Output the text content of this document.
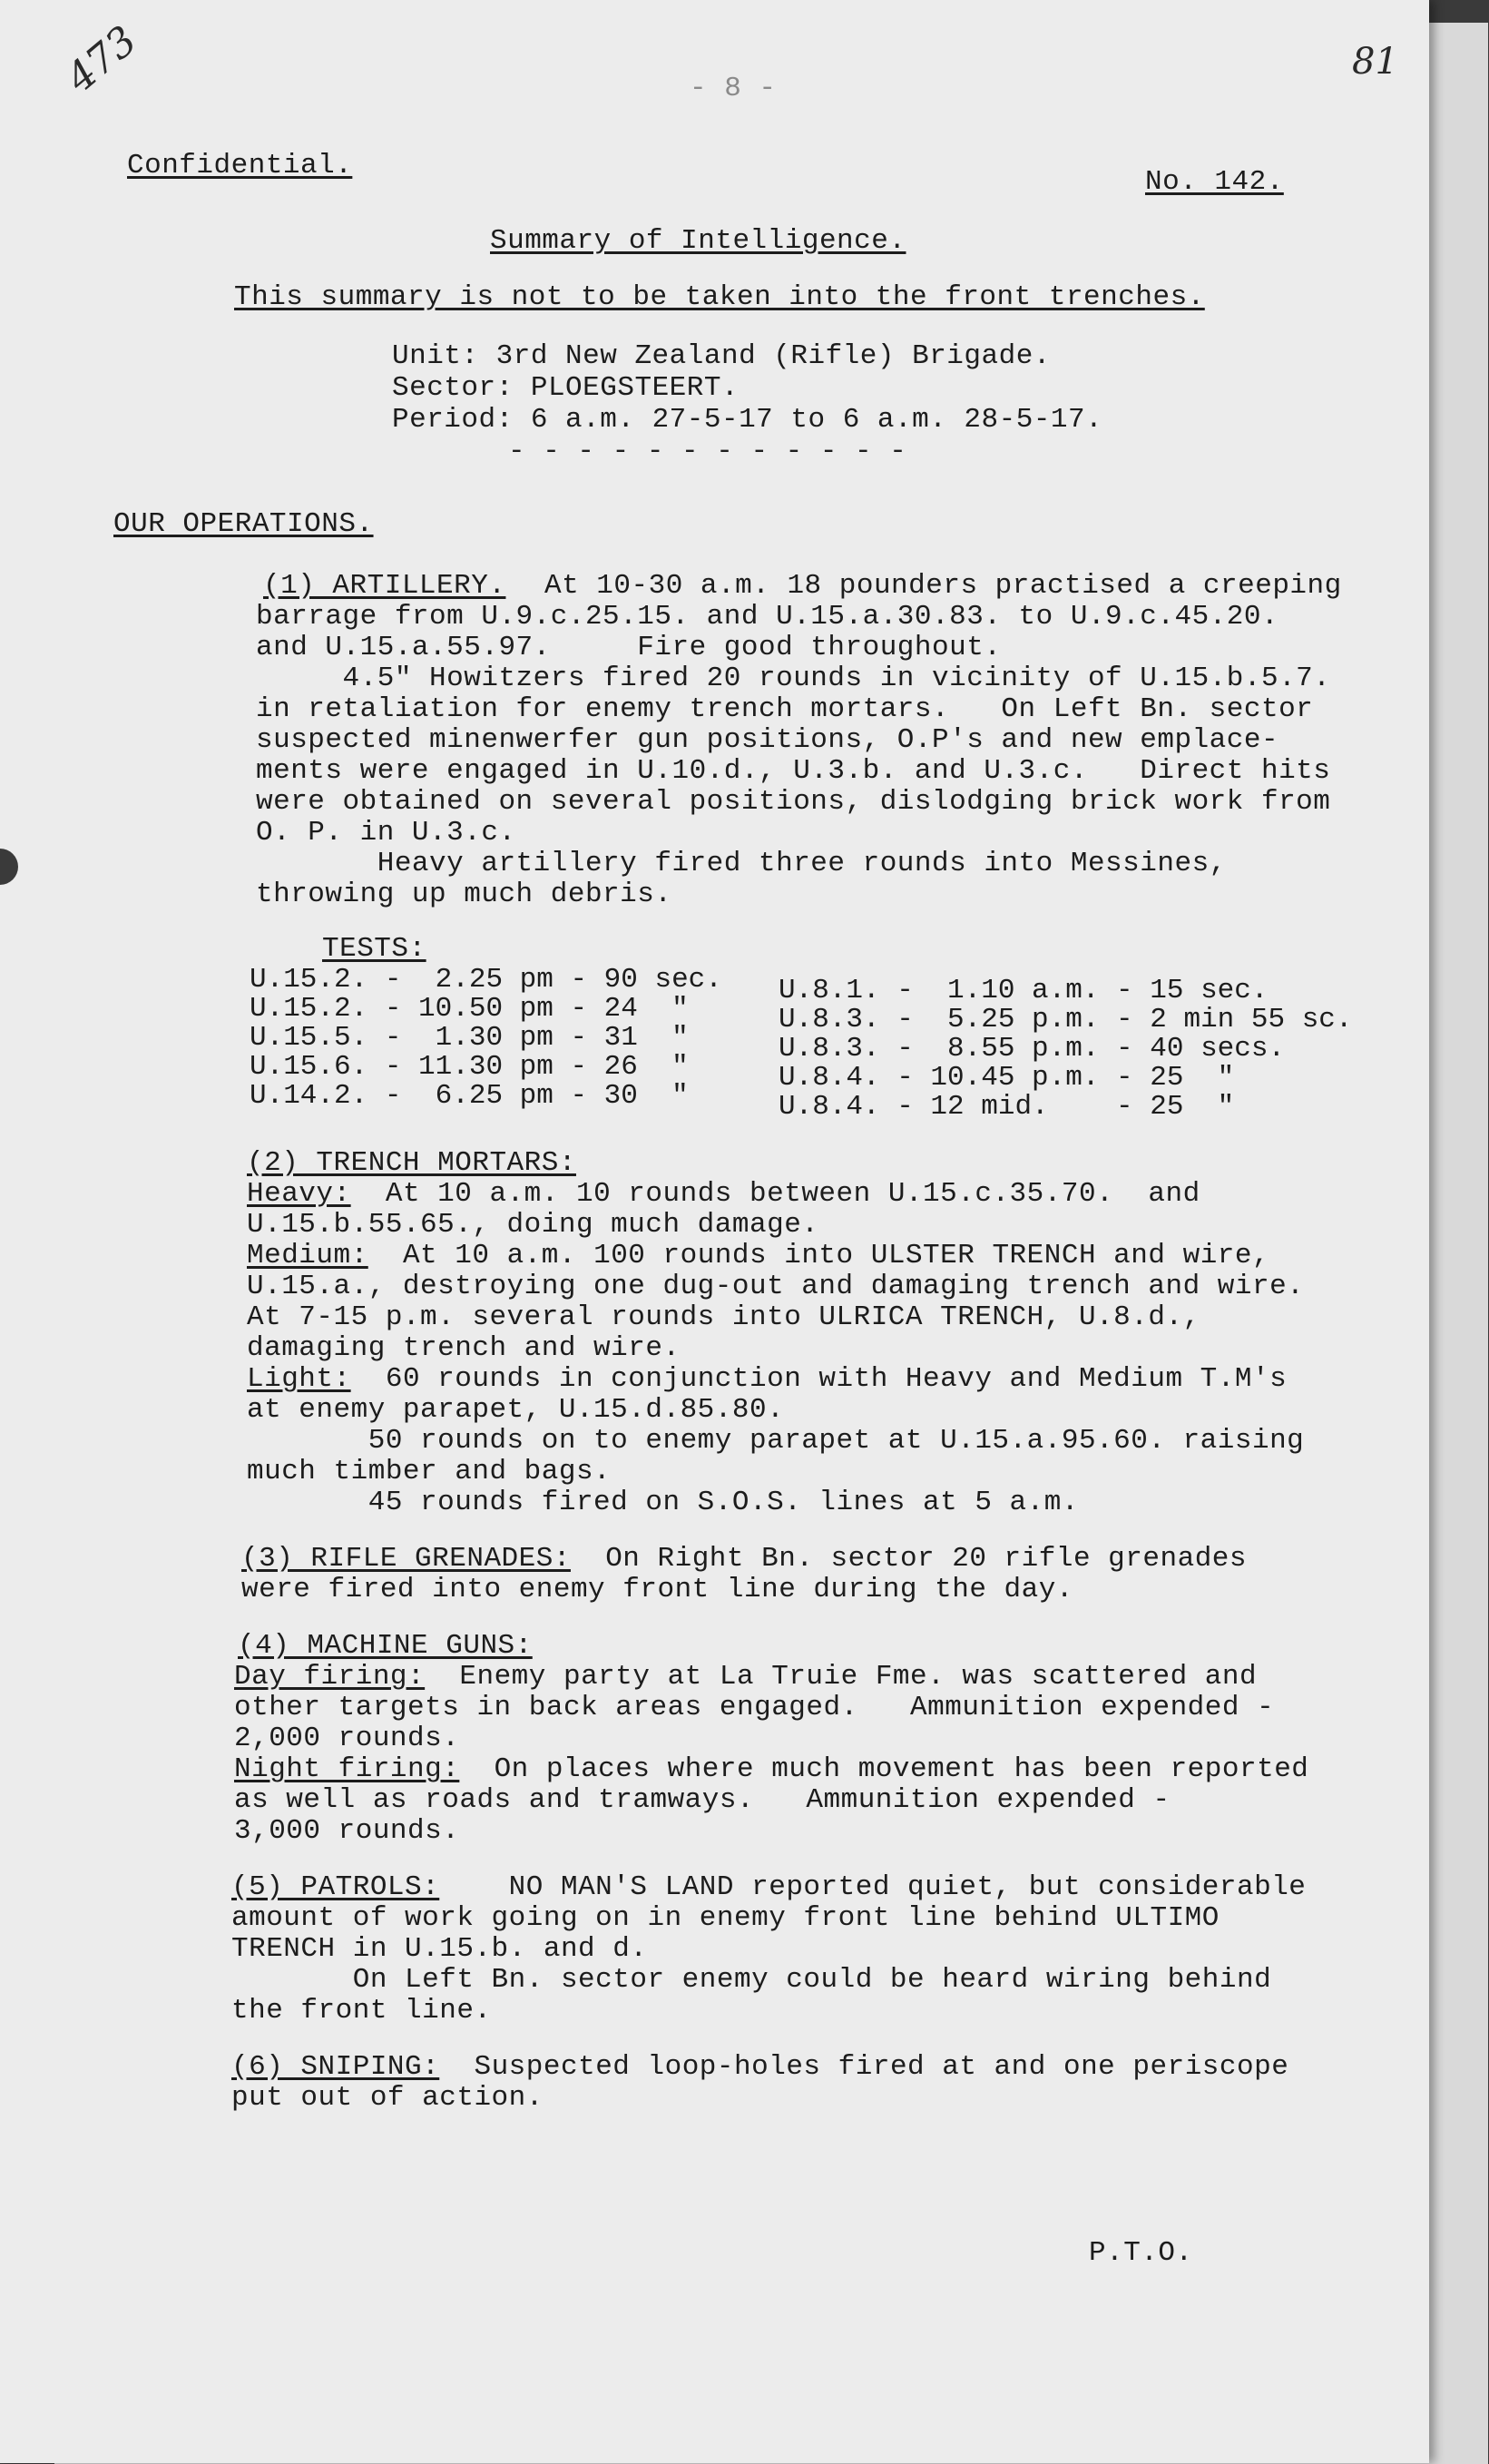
473	81
Confidential.
- 8 -
No. 142.
Summary of Intelligence.
This summary is not to be taken into the front trenches.
Unit: 3rd New Zealand (Rifle) Brigade.
Sector: PLOEGSTEERT.
Period: 6 a.m. 27-5-17 to 6 a.m. 28-5-17.
- - - - - - - - - - - -
OUR OPERATIONS.
(1) ARTILLERY. At 10-30 a.m. 18 pounders practised a creeping
barrage from U.9.c.25.15. and U.15.a.30.83. to U.9.c.45.20.
and U.15.a.55.97.     Fire good throughout.
4.5" Howitzers fired 20 rounds in vicinity of U.15.b.5.7.
in retaliation for enemy trench mortars.   On Left Bn. sector
suspected minenwerfer gun positions, O.P's and new emplace-
ments were engaged in U.10.d., U.3.b. and U.3.c.   Direct hits
were obtained on several positions, dislodging brick work from
O. P. in U.3.c.
Heavy artillery fired three rounds into Messines,
throwing up much debris.
TESTS:
U.15.2. -  2.25 pm - 90 sec.
U.15.2. - 10.50 pm - 24  "
U.15.5. -  1.30 pm - 31  "
U.15.6. - 11.30 pm - 26  "
U.14.2. -  6.25 pm - 30  "
U.8.1. -  1.10 a.m. - 15 sec.
U.8.3. -  5.25 p.m. - 2 min 55 sc.
U.8.3. -  8.55 p.m. - 40 secs.
U.8.4. - 10.45 p.m. - 25  "
U.8.4. - 12 mid.    - 25  "
(2) TRENCH MORTARS:
Heavy: At 10 a.m. 10 rounds between U.15.c.35.70.  and
U.15.b.55.65., doing much damage.
Medium: At 10 a.m. 100 rounds into ULSTER TRENCH and wire,
U.15.a., destroying one dug-out and damaging trench and wire.
At 7-15 p.m. several rounds into ULRICA TRENCH, U.8.d.,
damaging trench and wire.
Light: 60 rounds in conjunction with Heavy and Medium T.M's
at enemy parapet, U.15.d.85.80.
50 rounds on to enemy parapet at U.15.a.95.60. raising
much timber and bags.
45 rounds fired on S.O.S. lines at 5 a.m.
(3) RIFLE GRENADES: On Right Bn. sector 20 rifle grenades
were fired into enemy front line during the day.
(4) MACHINE GUNS:
Day firing: Enemy party at La Truie Fme. was scattered and
other targets in back areas engaged.   Ammunition expended -
2,000 rounds.
Night firing: On places where much movement has been reported
as well as roads and tramways.   Ammunition expended -
3,000 rounds.
(5) PATROLS: NO MAN'S LAND reported quiet, but considerable
amount of work going on in enemy front line behind ULTIMO
TRENCH in U.15.b. and d.
On Left Bn. sector enemy could be heard wiring behind
the front line.
(6) SNIPING: Suspected loop-holes fired at and one periscope
put out of action.
P.T.O.
